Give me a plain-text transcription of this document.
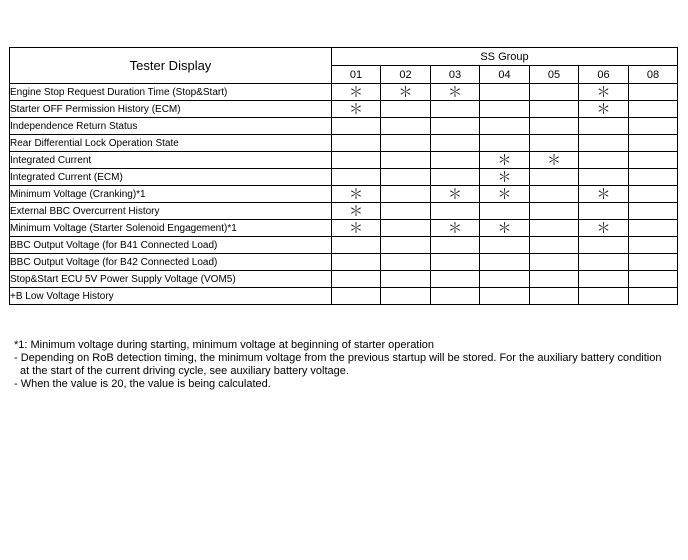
Tester Display	SS Group						
	01	02	03	04	05	06	08
Engine Stop Request Duration Time (Stop&Start)	＊	＊	＊			＊	
Starter OFF Permission History (ECM)	＊					＊	
Independence Return Status							
Rear Differential Lock Operation State							
Integrated Current				＊	＊		
Integrated Current (ECM)				＊			
Minimum Voltage (Cranking)*1	＊		＊	＊		＊	
External BBC Overcurrent History	＊						
Minimum Voltage (Starter Solenoid Engagement)*1	＊		＊	＊		＊	
BBC Output Voltage (for B41 Connected Load)							
BBC Output Voltage (for B42 Connected Load)							
Stop&Start ECU 5V Power Supply Voltage (VOM5)							
+B Low Voltage History							
*1: Minimum voltage during starting, minimum voltage at beginning of starter operation
- Depending on RoB detection timing, the minimum voltage from the previous startup will be stored. For the auxiliary battery condition
at the start of the current driving cycle, see auxiliary battery voltage.
- When the value is 20, the value is being calculated.
